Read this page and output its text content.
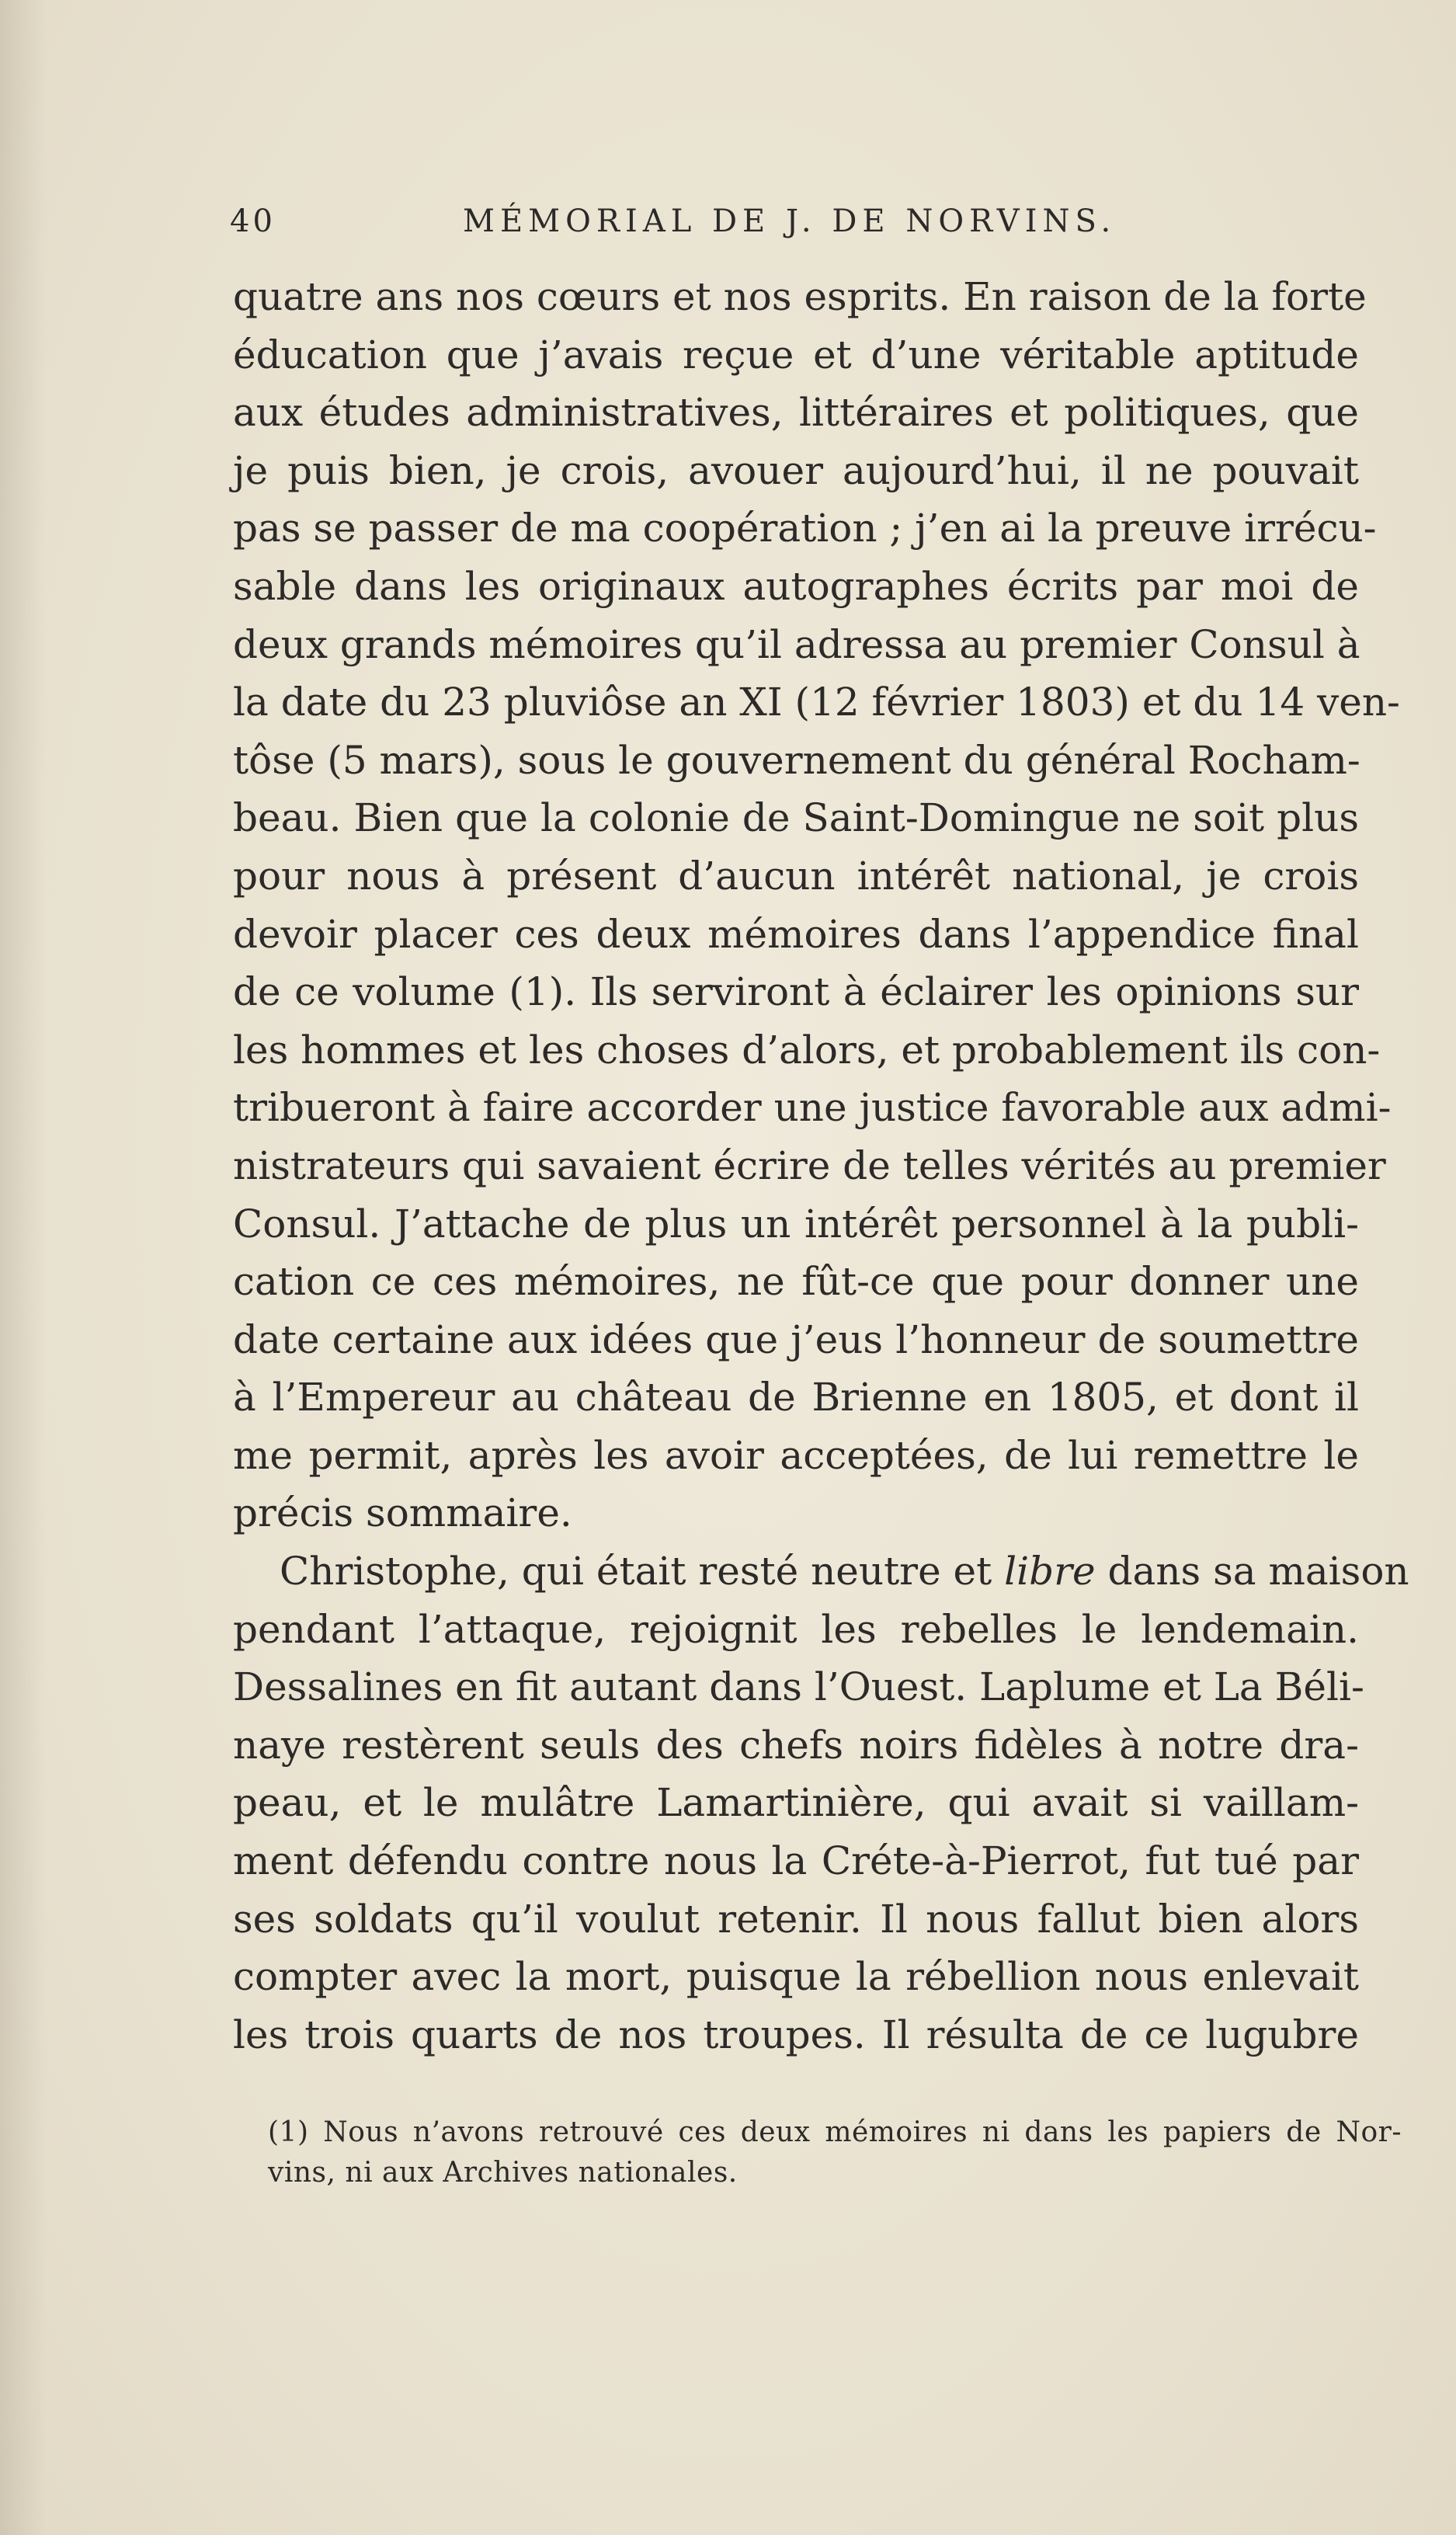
40	MÉMORIAL DE J. DE NORVINS.
quatre ans nos cœurs et nos esprits. En raison de la forte
éducation que j’avais reçue et d’une véritable aptitude
aux études administratives, littéraires et politiques, que
je puis bien, je crois, avouer aujourd’hui, il ne pouvait
pas se passer de ma coopération ; j’en ai la preuve irrécu-
sable dans les originaux autographes écrits par moi de
deux grands mémoires qu’il adressa au premier Consul à
la date du 23 pluviôse an XI (12 février 1803) et du 14 ven-
tôse (5 mars), sous le gouvernement du général Rocham-
beau. Bien que la colonie de Saint-Domingue ne soit plus
pour nous à présent d’aucun intérêt national, je crois
devoir placer ces deux mémoires dans l’appendice final
de ce volume (1). Ils serviront à éclairer les opinions sur
les hommes et les choses d’alors, et probablement ils con-
tribueront à faire accorder une justice favorable aux admi-
nistrateurs qui savaient écrire de telles vérités au premier
Consul. J’attache de plus un intérêt personnel à la publi-
cation ce ces mémoires, ne fût-ce que pour donner une
date certaine aux idées que j’eus l’honneur de soumettre
à l’Empereur au château de Brienne en 1805, et dont il
me permit, après les avoir acceptées, de lui remettre le
précis sommaire.
Christophe, qui était resté neutre et libre dans sa maison
pendant l’attaque, rejoignit les rebelles le lendemain.
Dessalines en fit autant dans l’Ouest. Laplume et La Béli-
naye restèrent seuls des chefs noirs fidèles à notre dra-
peau, et le mulâtre Lamartinière, qui avait si vaillam-
ment défendu contre nous la Créte-à-Pierrot, fut tué par
ses soldats qu’il voulut retenir. Il nous fallut bien alors
compter avec la mort, puisque la rébellion nous enlevait
les trois quarts de nos troupes. Il résulta de ce lugubre
(1) Nous n’avons retrouvé ces deux mémoires ni dans les papiers de Nor-
vins, ni aux Archives nationales.
